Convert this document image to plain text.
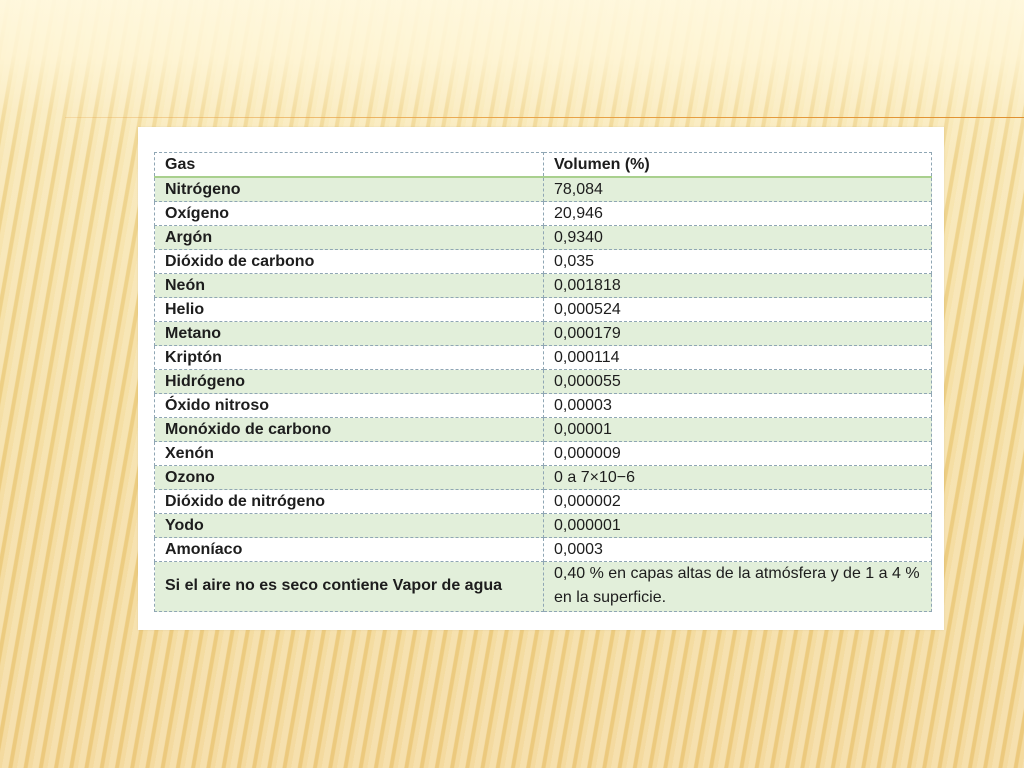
Gas	Volumen (%)
Nitrógeno	78,084
Oxígeno	20,946
Argón	0,9340
Dióxido de carbono	0,035
Neón	0,001818
Helio	0,000524
Metano	0,000179
Kriptón	0,000114
Hidrógeno	0,000055
Óxido nitroso	0,00003
Monóxido de carbono	0,00001
Xenón	0,000009
Ozono	0 a 7×10−6
Dióxido de nitrógeno	0,000002
Yodo	0,000001
Amoníaco	0,0003
Si el aire no es seco contiene Vapor de agua	0,40 % en capas altas de la atmósfera y de 1 a 4 % en la superficie.
